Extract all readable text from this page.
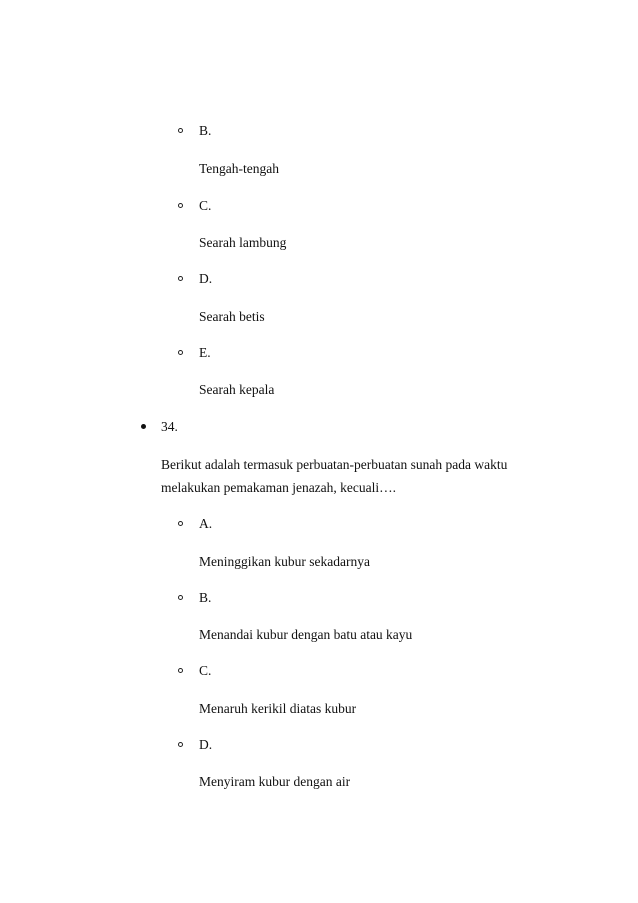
B.
Tengah-tengah
C.
Searah lambung
D.
Searah betis
E.
Searah kepala
34.
Berikut adalah termasuk perbuatan-perbuatan sunah pada waktu
melakukan pemakaman jenazah, kecuali….
A.
Meninggikan kubur sekadarnya
B.
Menandai kubur dengan batu atau kayu
C.
Menaruh kerikil diatas kubur
D.
Menyiram kubur dengan air
